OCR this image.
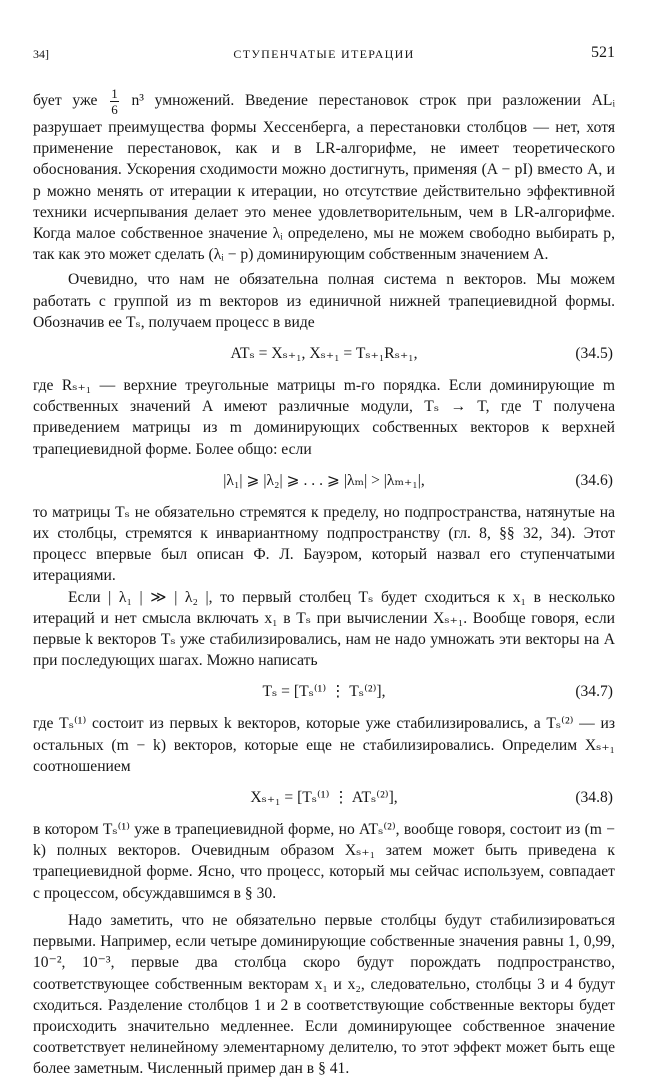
34]	СТУПЕНЧАТЫЕ ИТЕРАЦИИ	521

бует уже $\frac{1}{6} n^3$ умножений. Введение перестановок строк при разложении ALᵢ разрушает преимущества формы Хессенберга, а перестановки столбцов — нет, хотя применение перестановок, как и в LR-алгорифме, не имеет теоретического обоснования. Ускорения сходимости можно достигнуть, применяя (A − pI) вместо A, и p можно менять от итерации к итерации, но отсутствие действительно эффективной техники исчерпывания делает это менее удовлетворительным, чем в LR-алгорифме. Когда малое собственное значение λᵢ определено, мы не можем свободно выбирать p, так как это может сделать (λᵢ − p) доминирующим собственным значением A.

Очевидно, что нам не обязательна полная система n векторов. Мы можем работать с группой из m векторов из единичной нижней трапециевидной формы. Обозначив ее Tₛ, получаем процесс в виде

ATₛ = Xₛ₊₁, Xₛ₊₁ = Tₛ₊₁Rₛ₊₁,	(34.5)

где Rₛ₊₁ — верхние треугольные матрицы m-го порядка. Если доминирующие m собственных значений A имеют различные модули, Tₛ → T, где T получена приведением матрицы из m доминирующих собственных векторов к верхней трапециевидной форме. Более общо: если

|λ₁| ⩾ |λ₂| ⩾ . . . ⩾ |λₘ| > |λₘ₊₁|,	(34.6)

то матрицы Tₛ не обязательно стремятся к пределу, но подпространства, натянутые на их столбцы, стремятся к инвариантному подпространству (гл. 8, §§ 32, 34). Этот процесс впервые был описан Ф. Л. Бауэром, который назвал его ступенчатыми итерациями.

Если | λ₁ | ≫ | λ₂ |, то первый столбец Tₛ будет сходиться к x₁ в несколько итераций и нет смысла включать x₁ в Tₛ при вычислении Xₛ₊₁. Вообще говоря, если первые k векторов Tₛ уже стабилизировались, нам не надо умножать эти векторы на A при последующих шагах. Можно написать

Tₛ = [Tₛ⁽¹⁾ ⋮ Tₛ⁽²⁾],	(34.7)

где Tₛ⁽¹⁾ состоит из первых k векторов, которые уже стабилизировались, а Tₛ⁽²⁾ — из остальных (m − k) векторов, которые еще не стабилизировались. Определим Xₛ₊₁ соотношением

Xₛ₊₁ = [Tₛ⁽¹⁾ ⋮ ATₛ⁽²⁾],	(34.8)

в котором Tₛ⁽¹⁾ уже в трапециевидной форме, но ATₛ⁽²⁾, вообще говоря, состоит из (m − k) полных векторов. Очевидным образом Xₛ₊₁ затем может быть приведена к трапециевидной форме. Ясно, что процесс, который мы сейчас используем, совпадает с процессом, обсуждавшимся в § 30.

Надо заметить, что не обязательно первые столбцы будут стабилизироваться первыми. Например, если четыре доминирующие собственные значения равны 1, 0,99, 10⁻², 10⁻³, первые два столбца скоро будут порождать подпространство, соответствующее собственным векторам x₁ и x₂, следовательно, столбцы 3 и 4 будут сходиться. Разделение столбцов 1 и 2 в соответствующие собственные векторы будет происходить значительно медленнее. Если доминирующее собственное значение соответствует нелинейному элементарному делителю, то этот эффект может быть еще более заметным. Численный пример дан в § 41.
